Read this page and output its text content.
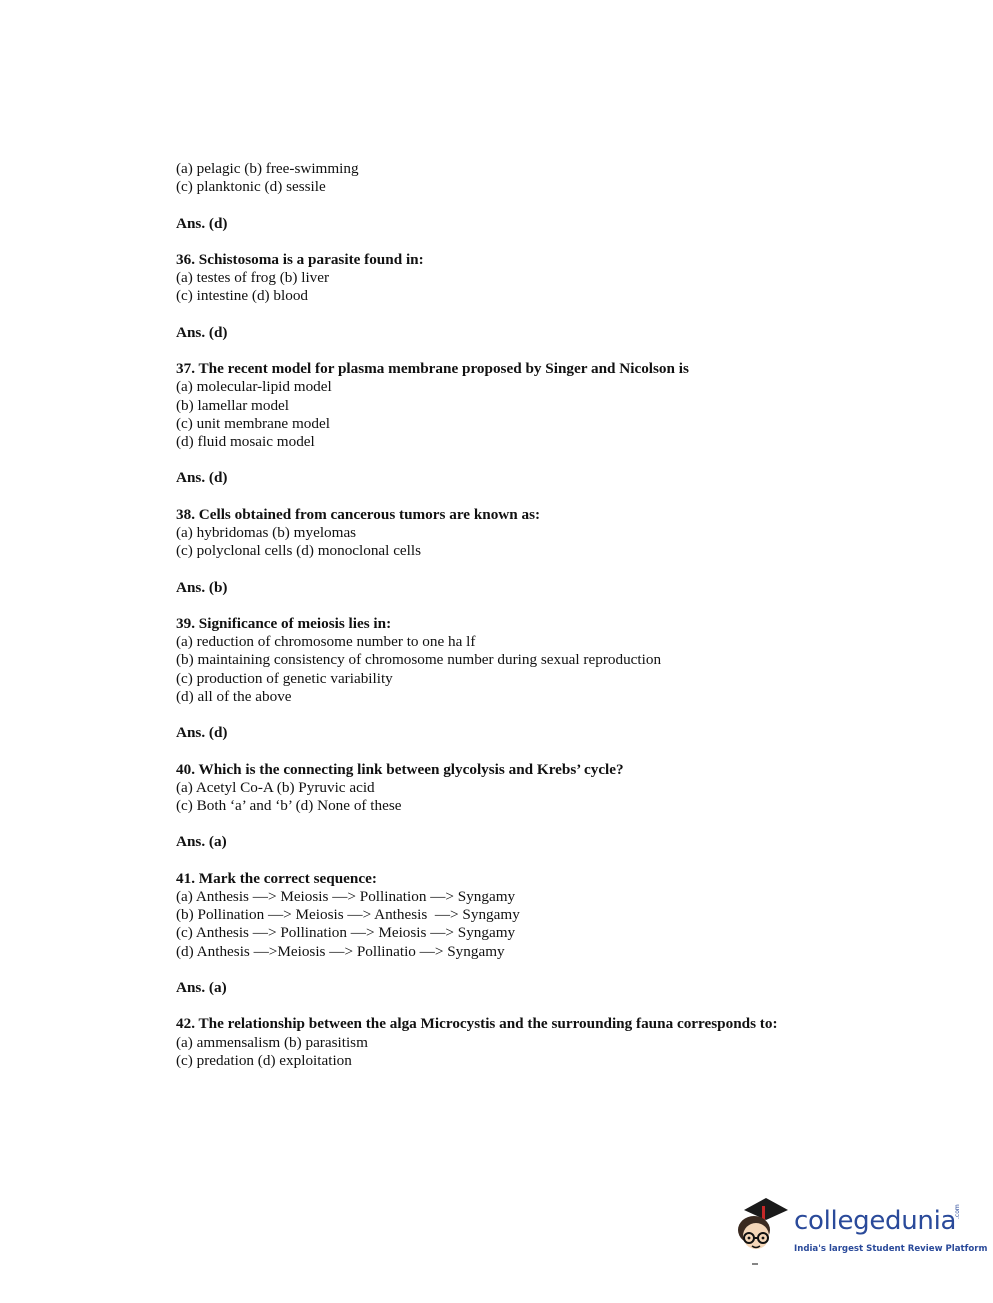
(a) pelagic (b) free-swimming

(c) planktonic (d) sessile

Ans. (d)

36. Schistosoma is a parasite found in:

(a) testes of frog (b) liver

(c) intestine (d) blood

Ans. (d)

37. The recent model for plasma membrane proposed by Singer and Nicolson is

(a) molecular-lipid model

(b) lamellar model

(c) unit membrane model

(d) fluid mosaic model

Ans. (d)

38. Cells obtained from cancerous tumors are known as:

(a) hybridomas (b) myelomas

(c) polyclonal cells (d) monoclonal cells

Ans. (b)

39. Significance of meiosis lies in:

(a) reduction of chromosome number to one ha lf

(b) maintaining consistency of chromosome number during sexual reproduction

(c) production of genetic variability

(d) all of the above

Ans. (d)

40. Which is the connecting link between glycolysis and Krebs’ cycle?

(a) Acetyl Co-A (b) Pyruvic acid

(c) Both ‘a’ and ‘b’ (d) None of these

Ans. (a)

41. Mark the correct sequence:

(a) Anthesis —> Meiosis —> Pollination —> Syngamy

(b) Pollination —> Meiosis —> Anthesis  —> Syngamy

(c) Anthesis —> Pollination —> Meiosis —> Syngamy

(d) Anthesis —>Meiosis —> Pollinatio —> Syngamy

Ans. (a)

42. The relationship between the alga Microcystis and the surrounding fauna corresponds to:

(a) ammensalism (b) parasitism

(c) predation (d) exploitation

collegedunia
.com
India's largest Student Review Platform
